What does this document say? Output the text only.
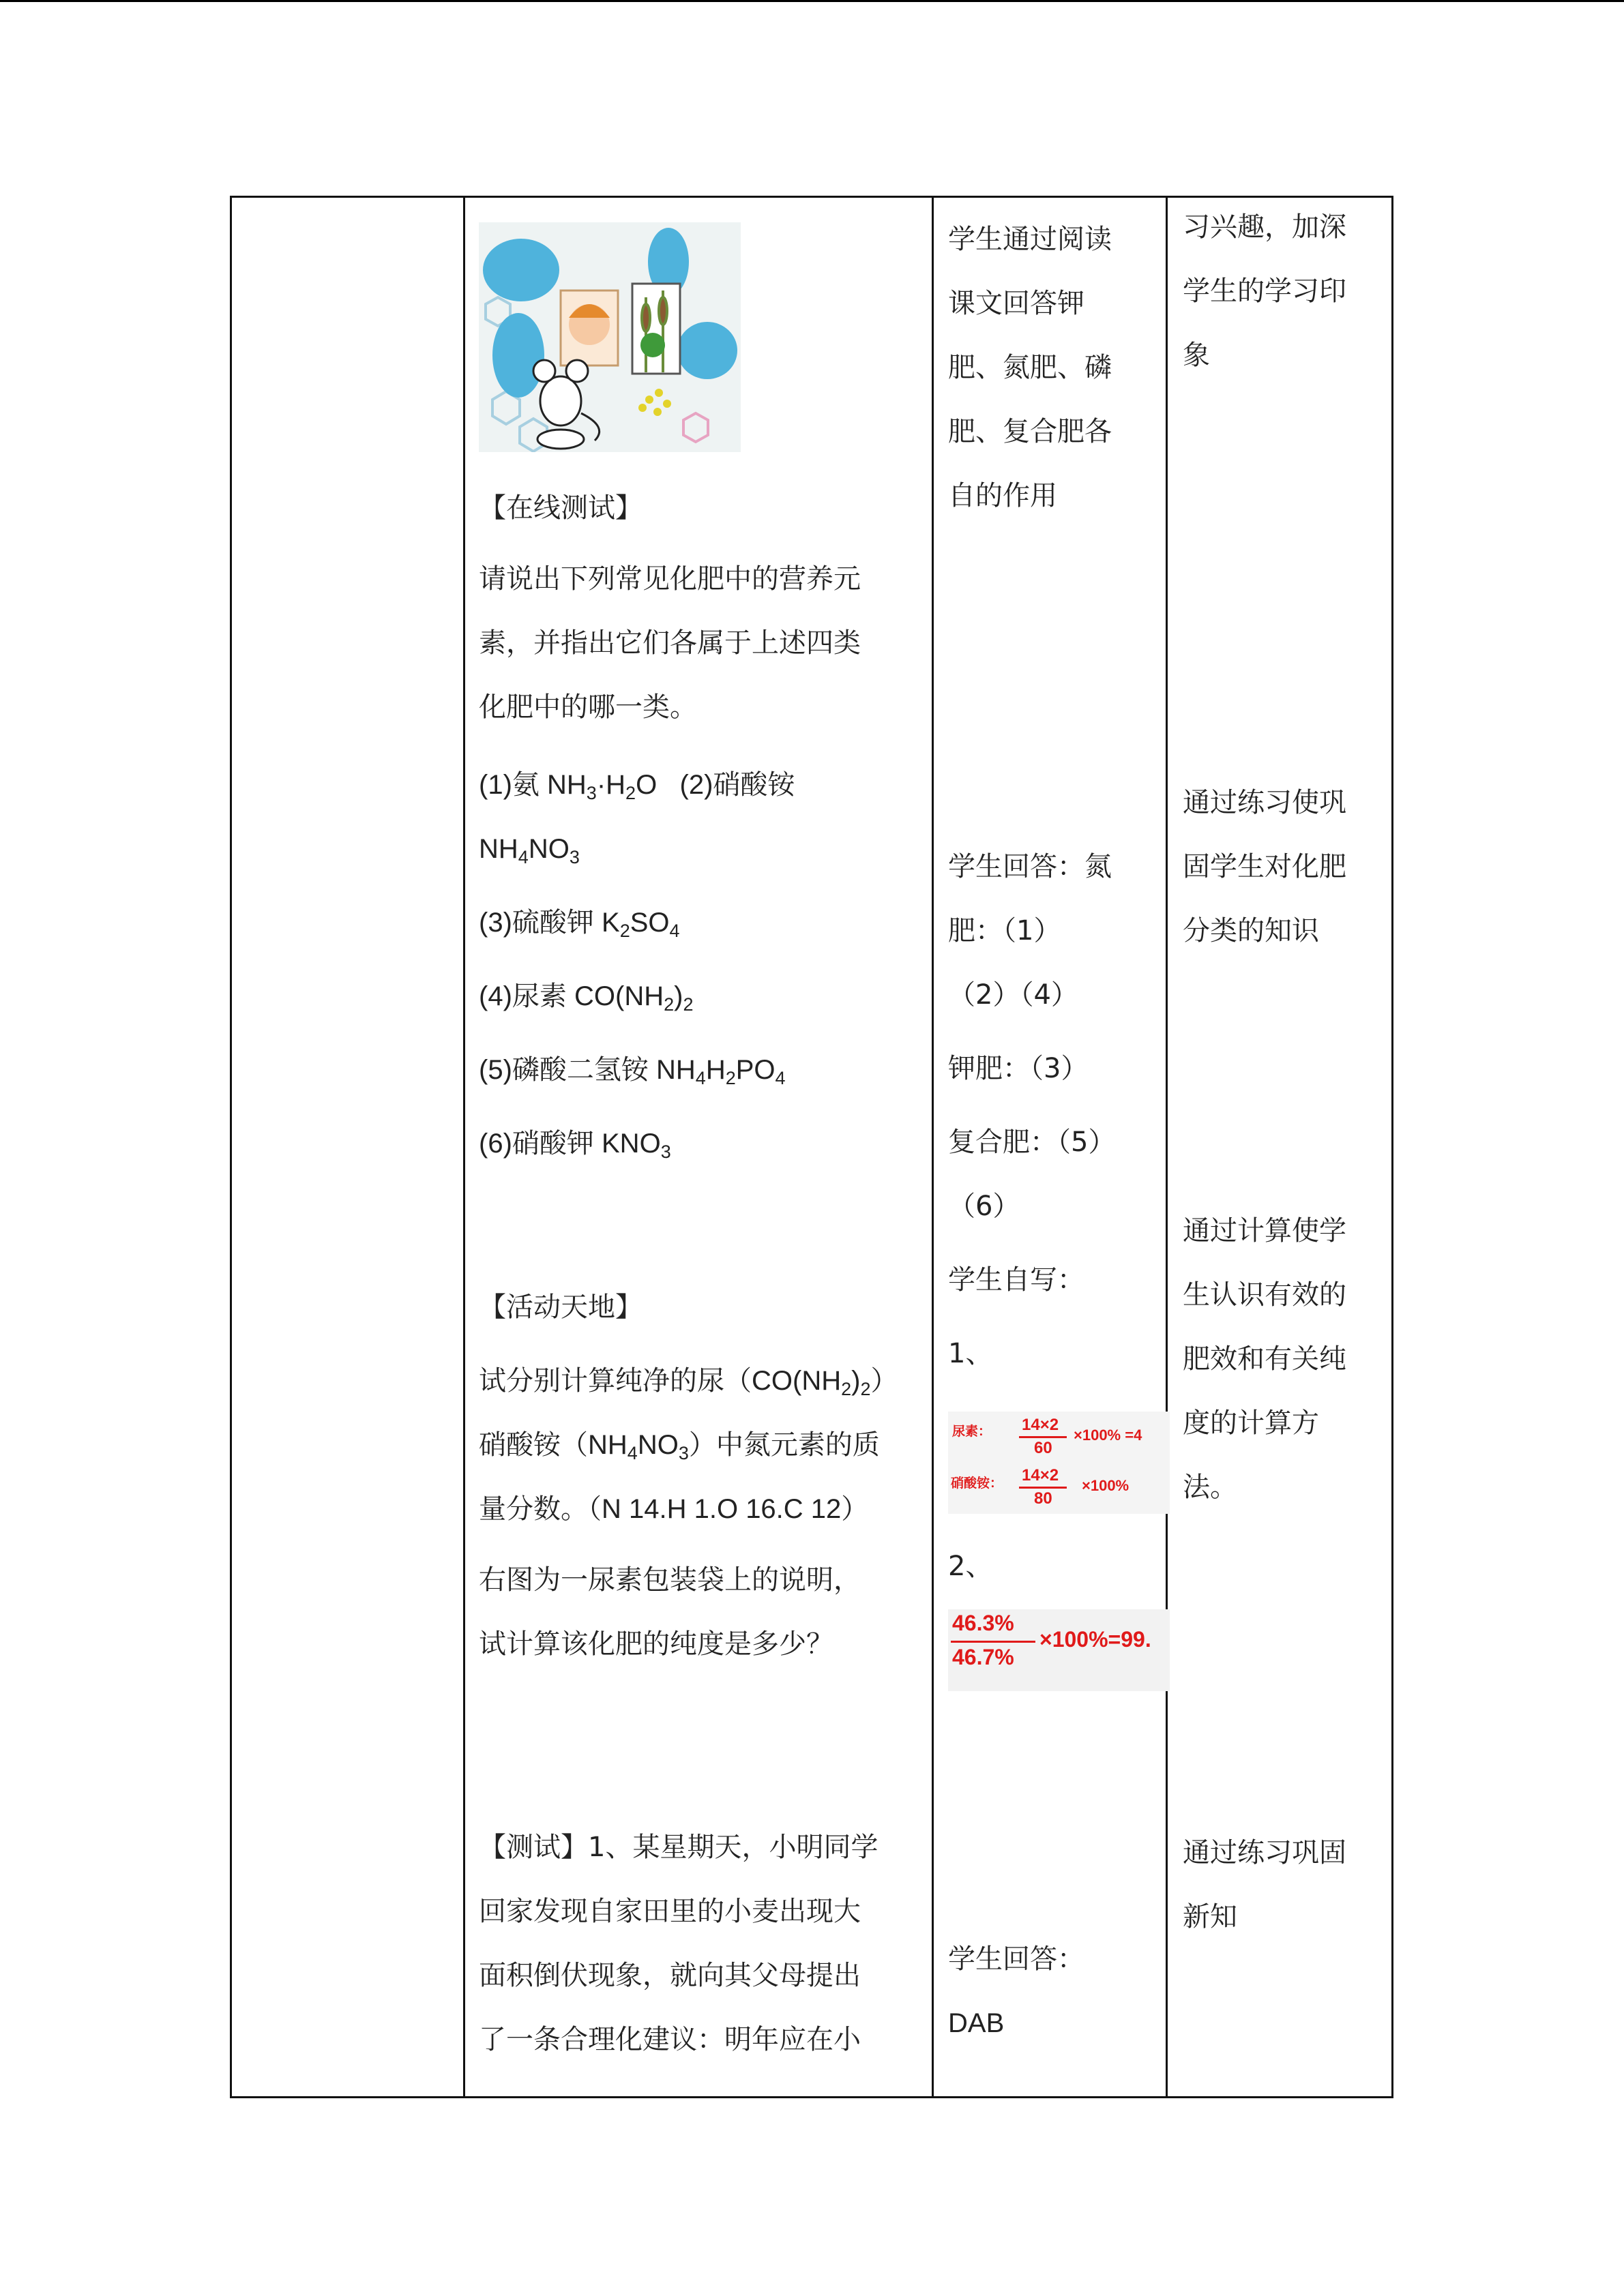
【在线测试】

请说出下列常见化肥中的营养元

素，并指出它们各属于上述四类

化肥中的哪一类。

(1)氨 $NH_3\cdot H_2O$ (2)硝酸铵

$NH_4NO_3$

(3)硫酸钾 $K_2SO_4$

(4)尿素 $CO(NH_2)_2$

(5)磷酸二氢铵 $NH_4H_2PO_4$

(6)硝酸钾 $KNO_3$

【活动天地】

试分别计算纯净的尿$(CO(NH_2)_2)$

硝酸铵$(NH_4NO_3)$中氮元素的质

量分数。（N 14.H 1.O 16.C 12）

右图为一尿素包装袋上的说明，

试计算该化肥的纯度是多少？

【测试】1、某星期天，小明同学

回家发现自家田里的小麦出现大

面积倒伏现象，就向其父母提出

了一条合理化建议：明年应在小

学生通过阅读

课文回答钾

肥、氮肥、磷

肥、复合肥各

自的作用

学生回答：氮

肥：（1）

（2）（4）

钾肥：（3）

复合肥：（5）

（6）

学生自写：

1、

尿素： 14×2
60
×100% =4
硝酸铵： 14×2
80
×100%

2、

46.3%
46.7%
×100%=99.

学生回答：

DAB

习兴趣，加深

学生的学习印

象

通过练习使巩

固学生对化肥

分类的知识

通过计算使学

生认识有效的

肥效和有关纯

度的计算方

法。

通过练习巩固

新知
